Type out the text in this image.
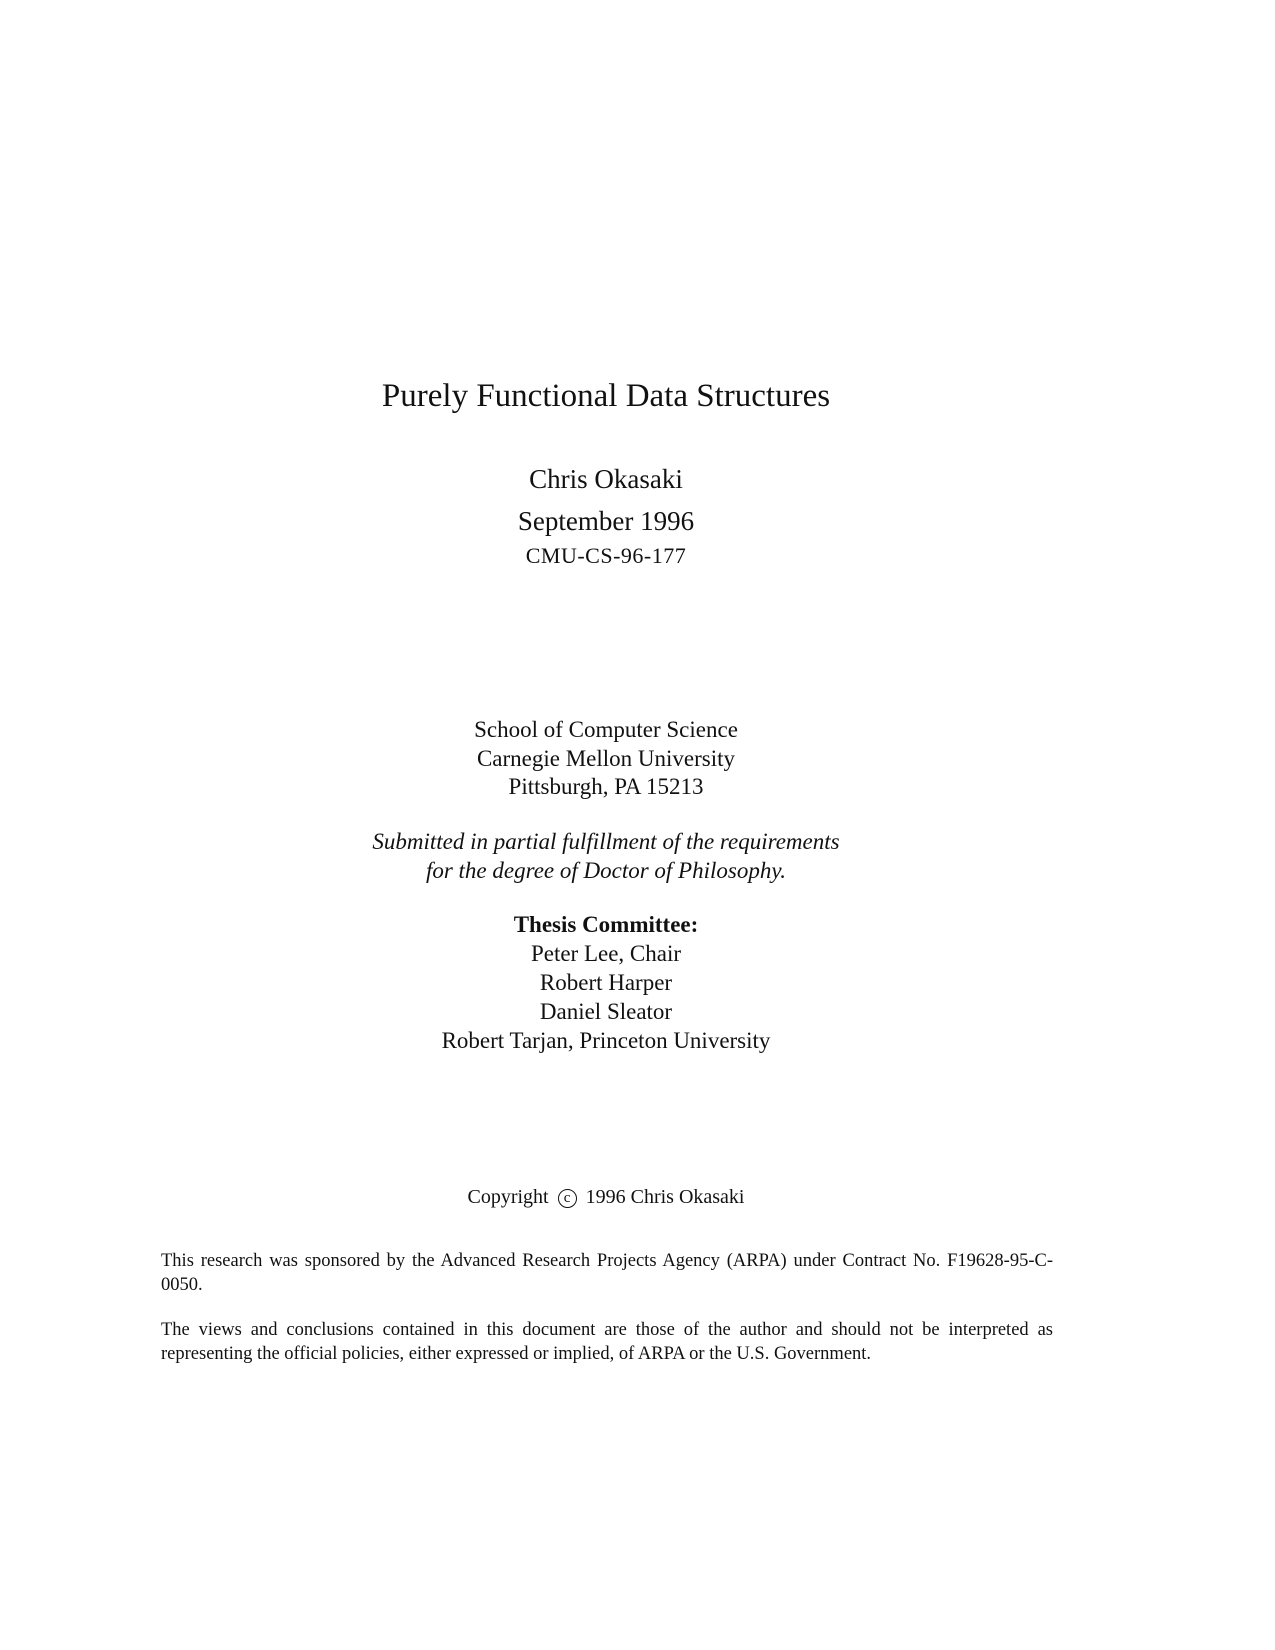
Purely Functional Data Structures
Chris Okasaki
September 1996
CMU-CS-96-177
School of Computer Science
Carnegie Mellon University
Pittsburgh, PA 15213
Submitted in partial fulfillment of the requirements
for the degree of Doctor of Philosophy.
Thesis Committee:
Peter Lee, Chair
Robert Harper
Daniel Sleator
Robert Tarjan, Princeton University
Copyright c 1996 Chris Okasaki
This research was sponsored by the Advanced Research Projects Agency (ARPA) under Contract No. F19628-95-C-0050.
The views and conclusions contained in this document are those of the author and should not be interpreted as representing the official policies, either expressed or implied, of ARPA or the U.S. Government.
